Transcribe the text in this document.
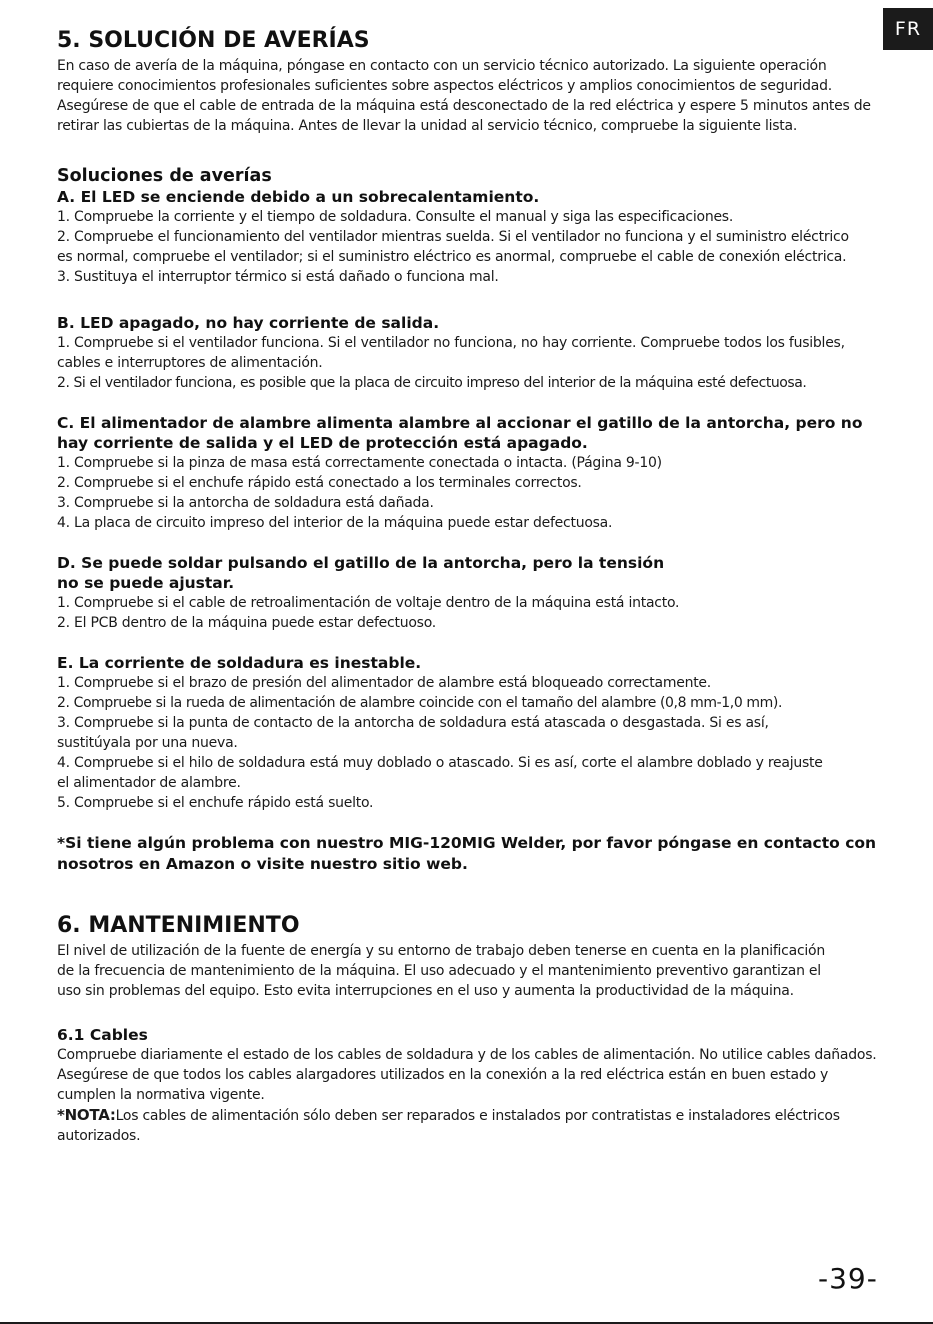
FR
5. SOLUCIÓN DE AVERÍAS

En caso de avería de la máquina, póngase en contacto con un servicio técnico autorizado. La siguiente operación requiere conocimientos profesionales suficientes sobre aspectos eléctricos y amplios conocimientos de seguridad. Asegúrese de que el cable de entrada de la máquina está desconectado de la red eléctrica y espere 5 minutos antes de retirar las cubiertas de la máquina. Antes de llevar la unidad al servicio técnico, compruebe la siguiente lista.

Soluciones de averías
A. El LED se enciende debido a un sobrecalentamiento.

1. Compruebe la corriente y el tiempo de soldadura. Consulte el manual y siga las especificaciones.

2. Compruebe el funcionamiento del ventilador mientras suelda. Si el ventilador no funciona y el suministro eléctrico es normal, compruebe el ventilador; si el suministro eléctrico es anormal, compruebe el cable de conexión eléctrica.

3. Sustituya el interruptor térmico si está dañado o funciona mal.

B. LED apagado, no hay corriente de salida.

1. Compruebe si el ventilador funciona. Si el ventilador no funciona, no hay corriente. Compruebe todos los fusibles, cables e interruptores de alimentación.

2. Si el ventilador funciona, es posible que la placa de circuito impreso del interior de la máquina esté defectuosa.

C. El alimentador de alambre alimenta alambre al accionar el gatillo de la antorcha, pero no hay corriente de salida y el LED de protección está apagado.

1. Compruebe si la pinza de masa está correctamente conectada o intacta. (Página 9-10)

2. Compruebe si el enchufe rápido está conectado a los terminales correctos.

3. Compruebe si la antorcha de soldadura está dañada.

4. La placa de circuito impreso del interior de la máquina puede estar defectuosa.

D. Se puede soldar pulsando el gatillo de la antorcha, pero la tensión no se puede ajustar.

1. Compruebe si el cable de retroalimentación de voltaje dentro de la máquina está intacto.

2. El PCB dentro de la máquina puede estar defectuoso.

E. La corriente de soldadura es inestable.

1. Compruebe si el brazo de presión del alimentador de alambre está bloqueado correctamente.

2. Compruebe si la rueda de alimentación de alambre coincide con el tamaño del alambre (0,8 mm-1,0 mm).

3. Compruebe si la punta de contacto de la antorcha de soldadura está atascada o desgastada. Si es así, sustitúyala por una nueva.

4. Compruebe si el hilo de soldadura está muy doblado o atascado. Si es así, corte el alambre doblado y reajuste el alimentador de alambre.

5. Compruebe si el enchufe rápido está suelto.

*Si tiene algún problema con nuestro MIG-120MIG Welder, por favor póngase en contacto con nosotros en Amazon o visite nuestro sitio web.

6. MANTENIMIENTO

El nivel de utilización de la fuente de energía y su entorno de trabajo deben tenerse en cuenta en la planificación de la frecuencia de mantenimiento de la máquina. El uso adecuado y el mantenimiento preventivo garantizan el uso sin problemas del equipo. Esto evita interrupciones en el uso y aumenta la productividad de la máquina.

6.1 Cables

Compruebe diariamente el estado de los cables de soldadura y de los cables de alimentación. No utilice cables dañados. Asegúrese de que todos los cables alargadores utilizados en la conexión a la red eléctrica están en buen estado y cumplen la normativa vigente.

*NOTA:Los cables de alimentación sólo deben ser reparados e instalados por contratistas e instaladores eléctricos autorizados.

-39-
